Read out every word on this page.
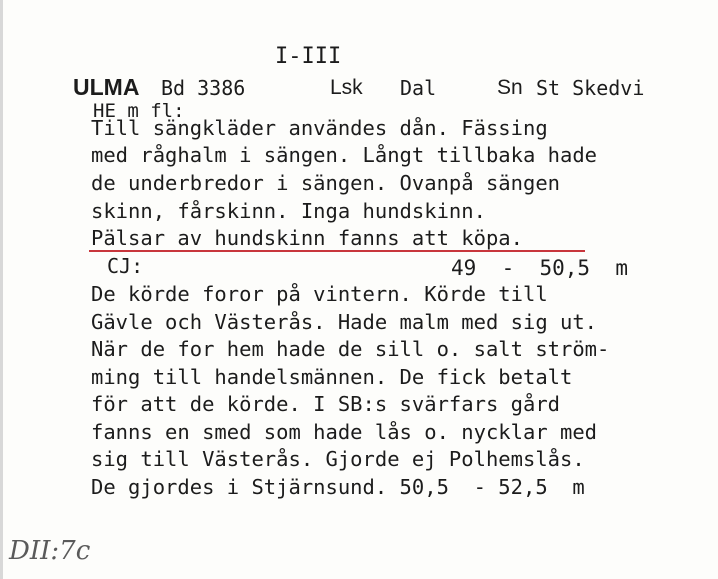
I-III
ULMA Bd 3386	Lsk Dal	Sn St Skedvi
HE m fl:
Till sängkläder användes dån. Fässing
med råghalm i sängen. Långt tillbaka hade
de underbredor i sängen. Ovanpå sängen
skinn, fårskinn. Inga hundskinn.
Pälsar av hundskinn fanns att köpa.
CJ:	49  -  50,5  m
De körde foror på vintern. Körde till
Gävle och Västerås. Hade malm med sig ut.
När de for hem hade de sill o. salt ström-
ming till handelsmännen. De fick betalt
för att de körde. I SB:s svärfars gård
fanns en smed som hade lås o. nycklar med
sig till Västerås. Gjorde ej Polhemslås.
De gjordes i Stjärnsund. 50,5  - 52,5  m
DII:7c
